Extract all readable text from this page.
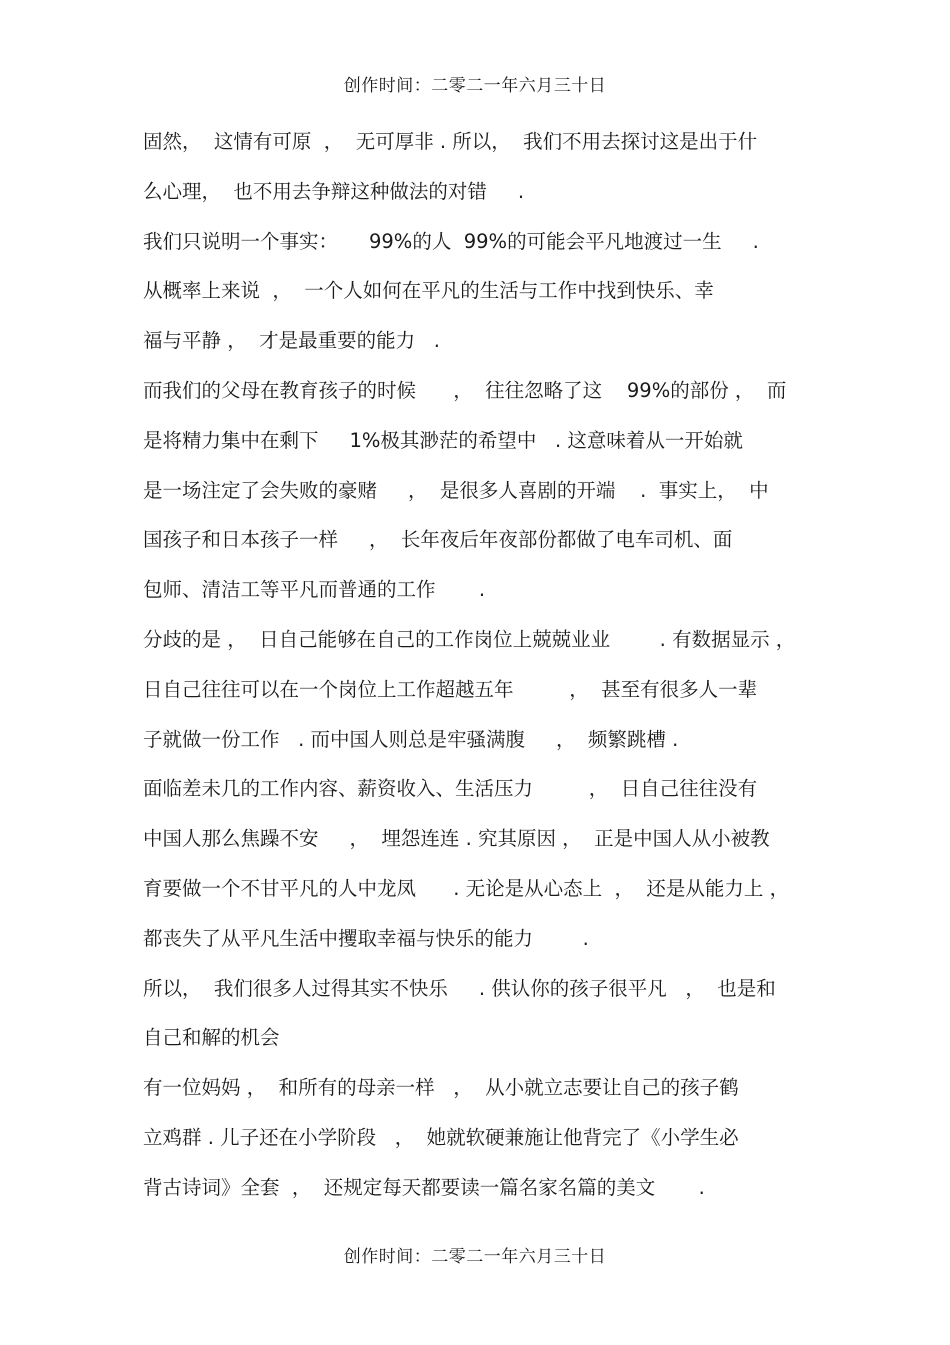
创作时间：二零二一年六月三十日
固然，  这情有可原  ，  无可厚非 . 所以，  我们不用去探讨这是出于什
么心理，  也不用去争辩这种做法的对错     .
我们只说明一个事实：     99%的人  99%的可能会平凡地渡过一生     .
从概率上来说  ，  一个人如何在平凡的生活与工作中找到快乐、幸
福与平静 ，  才是最重要的能力   .
而我们的父母在教育孩子的时候      ，  往往忽略了这    99%的部份 ，  而
是将精力集中在剩下     1%极其渺茫的希望中   . 这意味着从一开始就
是一场注定了会失败的豪赌     ，  是很多人喜剧的开端    .  事实上，  中
国孩子和日本孩子一样     ，  长年夜后年夜部份都做了电车司机、面
包师、清洁工等平凡而普通的工作       .
分歧的是 ，  日自己能够在自己的工作岗位上兢兢业业        . 有数据显示 ，
日自己往往可以在一个岗位上工作超越五年         ，  甚至有很多人一辈
子就做一份工作   . 而中国人则总是牢骚满腹     ，  频繁跳槽 .
面临差未几的工作内容、薪资收入、生活压力         ，  日自己往往没有
中国人那么焦躁不安     ，  埋怨连连 . 究其原因 ，  正是中国人从小被教
育要做一个不甘平凡的人中龙凤      . 无论是从心态上  ，  还是从能力上 ，
都丧失了从平凡生活中攫取幸福与快乐的能力        .
所以，  我们很多人过得其实不快乐     . 供认你的孩子很平凡   ，  也是和
自己和解的机会
有一位妈妈 ，  和所有的母亲一样   ，  从小就立志要让自己的孩子鹤
立鸡群 . 儿子还在小学阶段   ，  她就软硬兼施让他背完了《小学生必
背古诗词》全套  ，  还规定每天都要读一篇名家名篇的美文       .
创作时间：二零二一年六月三十日
